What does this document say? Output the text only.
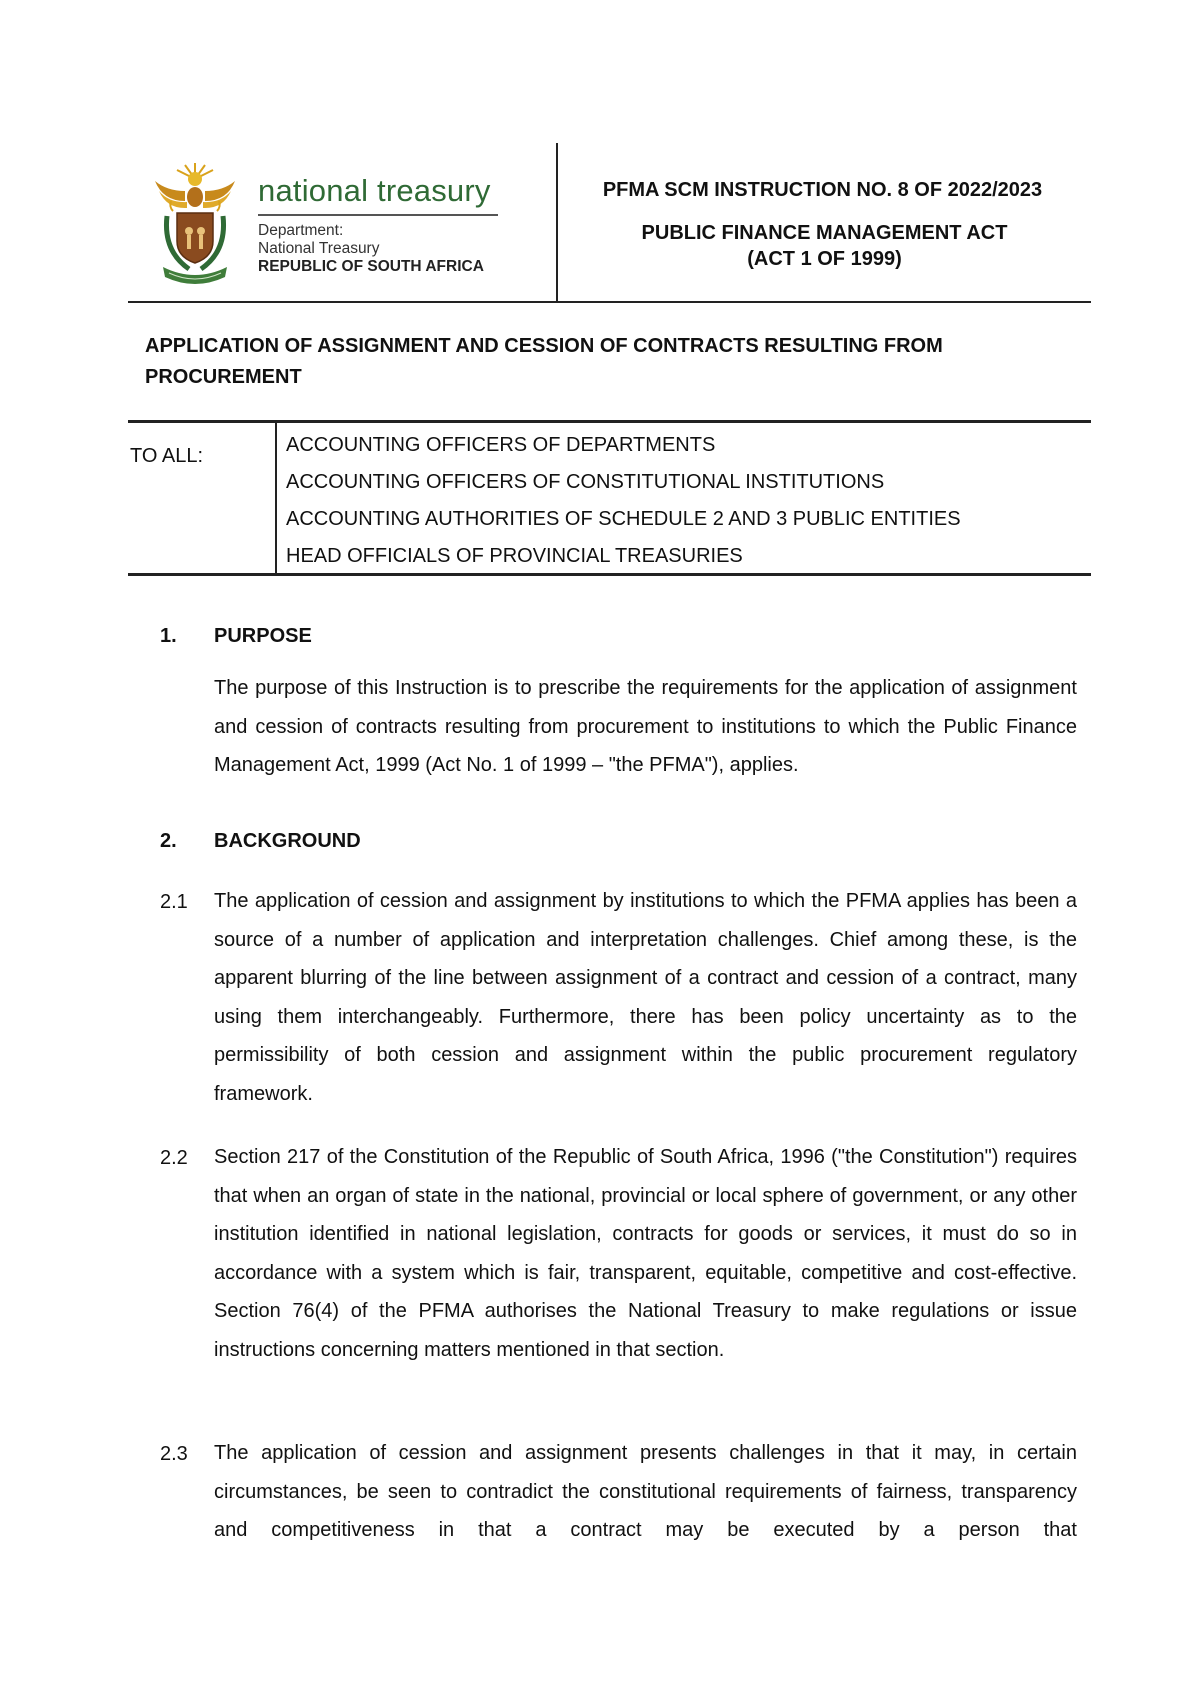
national treasury
Department:
National Treasury
REPUBLIC OF SOUTH AFRICA
PFMA SCM INSTRUCTION NO. 8 OF 2022/2023
PUBLIC FINANCE MANAGEMENT ACT
(ACT 1 OF 1999)
APPLICATION OF ASSIGNMENT AND CESSION OF CONTRACTS RESULTING FROM PROCUREMENT
TO ALL:	ACCOUNTING OFFICERS OF DEPARTMENTS
ACCOUNTING OFFICERS OF CONSTITUTIONAL INSTITUTIONS
ACCOUNTING AUTHORITIES OF SCHEDULE 2 AND 3 PUBLIC ENTITIES
HEAD OFFICIALS OF PROVINCIAL TREASURIES
1. PURPOSE
The purpose of this Instruction is to prescribe the requirements for the application of assignment and cession of contracts resulting from procurement to institutions to which the Public Finance Management Act, 1999 (Act No. 1 of 1999 – "the PFMA"), applies.
2. BACKGROUND
2.1 The application of cession and assignment by institutions to which the PFMA applies has been a source of a number of application and interpretation challenges. Chief among these, is the apparent blurring of the line between assignment of a contract and cession of a contract, many using them interchangeably. Furthermore, there has been policy uncertainty as to the permissibility of both cession and assignment within the public procurement regulatory framework.
2.2 Section 217 of the Constitution of the Republic of South Africa, 1996 ("the Constitution") requires that when an organ of state in the national, provincial or local sphere of government, or any other institution identified in national legislation, contracts for goods or services, it must do so in accordance with a system which is fair, transparent, equitable, competitive and cost-effective. Section 76(4) of the PFMA authorises the National Treasury to make regulations or issue instructions concerning matters mentioned in that section.
2.3 The application of cession and assignment presents challenges in that it may, in certain circumstances, be seen to contradict the constitutional requirements of fairness, transparency and competitiveness in that a contract may be executed by a person that
